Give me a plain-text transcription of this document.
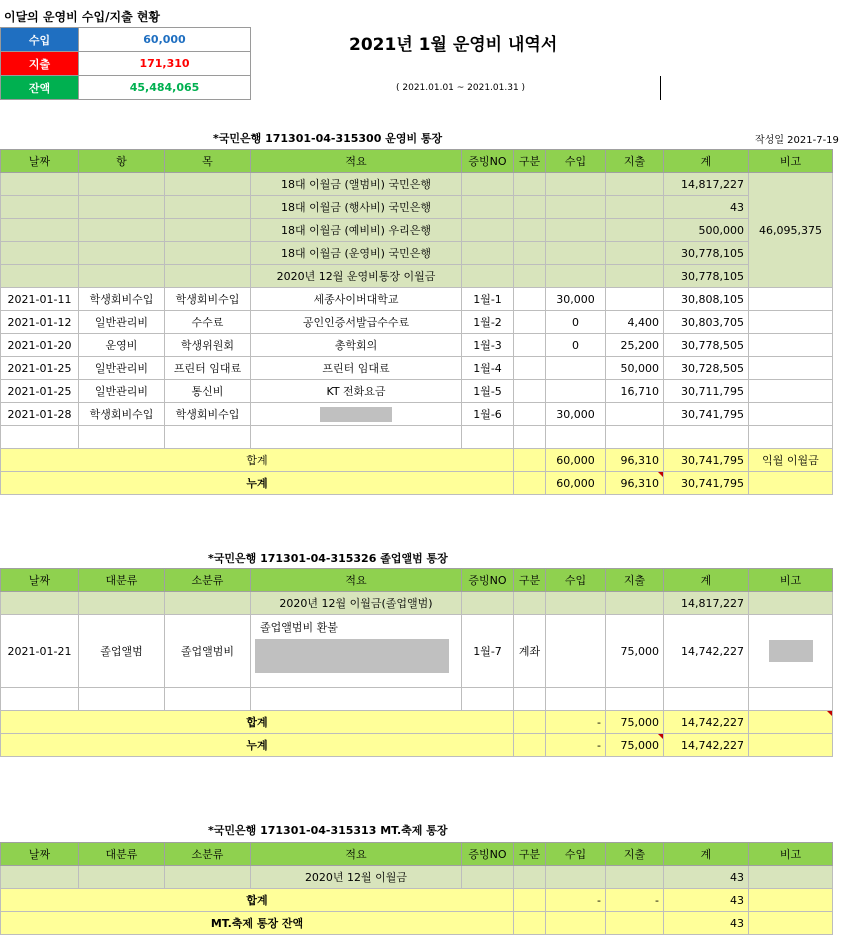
이달의 운영비 수입/지출 현황
수입	60,000
지출	171,310
잔액	45,484,065
2021년 1월 운영비 내역서
( 2021.01.01 ~ 2021.01.31 )
*국민은행 171301-04-315300 운영비 통장	작성일 2021-7-19
날짜	항	목	적요	증빙NO	구분	수입	지출	계	비고
			18대 이월금 (앨범비) 국민은행					14,817,227	46,095,375
			18대 이월금 (행사비) 국민은행					43	
			18대 이월금 (예비비) 우리은행					500,000	
			18대 이월금 (운영비) 국민은행					30,778,105	
			2020년 12월 운영비통장 이월금					30,778,105	
2021-01-11	학생회비수입	학생회비수입	세종사이버대학교	1월-1		30,000		30,808,105	
2021-01-12	일반관리비	수수료	공인인증서발급수수료	1월-2		0	4,400	30,803,705	
2021-01-20	운영비	학생위원회	총학회의	1월-3		0	25,200	30,778,505	
2021-01-25	일반관리비	프린터 임대료	프린터 임대료	1월-4			50,000	30,728,505	
2021-01-25	일반관리비	통신비	KT 전화요금	1월-5			16,710	30,711,795	
2021-01-28	학생회비수입	학생회비수입		1월-6		30,000		30,741,795	

합계						60,000	96,310	30,741,795	익월 이월금
누계						60,000	96,310	30,741,795	
*국민은행 171301-04-315326 졸업앨범 통장
날짜	대분류	소분류	적요	증빙NO	구분	수입	지출	계	비고
			2020년 12월 이월금(졸업앨범)					14,817,227	
2021-01-21	졸업앨범	졸업앨범비	졸업앨범비 환불	1월-7	계좌		75,000	14,742,227	

합계						-	75,000	14,742,227	
누계						-	75,000	14,742,227	
*국민은행 171301-04-315313 MT.축제 통장
날짜	대분류	소분류	적요	증빙NO	구분	수입	지출	계	비고
			2020년 12월 이월금					43	
합계						-	-	43	
MT.축제 통장 잔액								43	
